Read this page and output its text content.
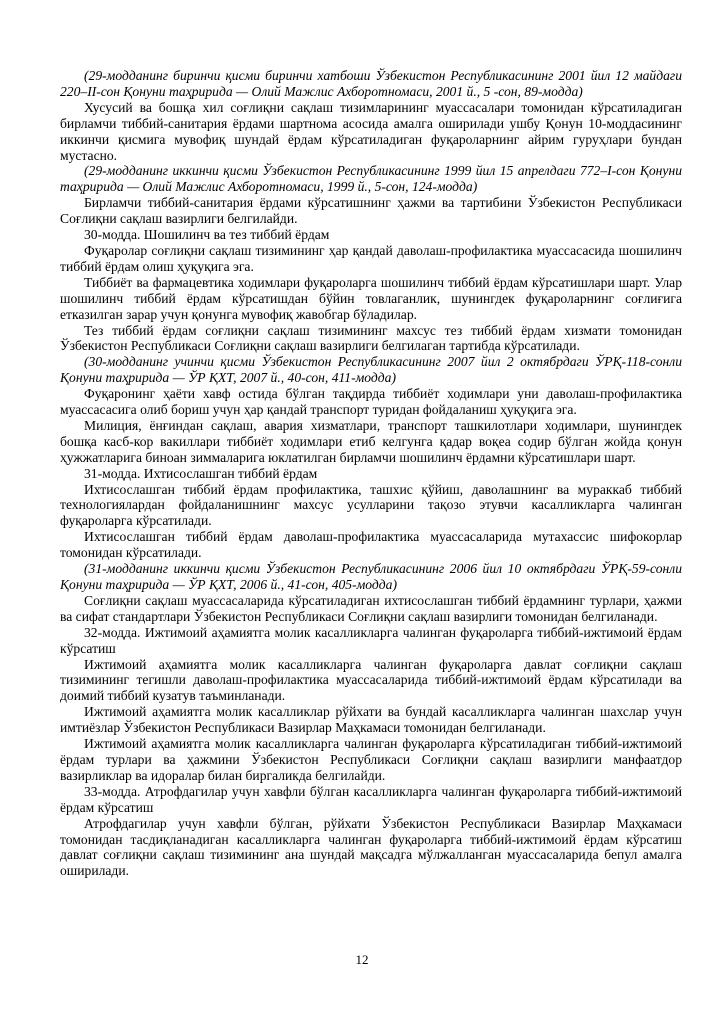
(29-модданинг биринчи қисми биринчи хатбоши Ўзбекистон Республикасининг 2001 йил 12 майдаги 220–II-сон Қонуни таҳририда — Олий Мажлис Ахборотномаси, 2001 й., 5 -сон, 89-модда)

Хусусий ва бошқа хил соғлиқни сақлаш тизимларининг муассасалари томонидан кўрсатиладиган бирламчи тиббий-санитария ёрдами шартнома асосида амалга оширилади ушбу Қонун 10-моддасининг иккинчи қисмига мувофиқ шундай ёрдам кўрсатиладиган фуқароларнинг айрим гуруҳлари бундан мустасно.

(29-модданинг иккинчи қисми Ўзбекистон Республикасининг 1999 йил 15 апрелдаги 772–I-сон Қонуни таҳририда — Олий Мажлис Ахборотномаси, 1999 й., 5-сон, 124-модда)

Бирламчи тиббий-санитария ёрдами кўрсатишнинг ҳажми ва тартибини Ўзбекистон Республикаси Соғлиқни сақлаш вазирлиги белгилайди.

30-модда. Шошилинч ва тез тиббий ёрдам

Фуқаролар соғлиқни сақлаш тизимининг ҳар қандай даволаш-профилактика муассасасида шошилинч тиббий ёрдам олиш ҳуқуқига эга.

Тиббиёт ва фармацевтика ходимлари фуқароларга шошилинч тиббий ёрдам кўрсатишлари шарт. Улар шошилинч тиббий ёрдам кўрсатишдан бўйин товлаганлик, шунингдек фуқароларнинг соғлиғига етказилган зарар учун қонунга мувофиқ жавобгар бўладилар.

Тез тиббий ёрдам соғлиқни сақлаш тизимининг махсус тез тиббий ёрдам хизмати томонидан Ўзбекистон Республикаси Соғлиқни сақлаш вазирлиги белгилаган тартибда кўрсатилади.

(30-модданинг учинчи қисми Ўзбекистон Республикасининг 2007 йил 2 октябрдаги ЎРҚ-118-сонли Қонуни таҳририда — ЎР ҚХТ, 2007 й., 40-сон, 411-модда)

Фуқаронинг ҳаёти хавф остида бўлган тақдирда тиббиёт ходимлари уни даволаш-профилактика муассасасига олиб бориш учун ҳар қандай транспорт туридан фойдаланиш ҳуқуқига эга.

Милиция, ёнғиндан сақлаш, авария хизматлари, транспорт ташкилотлари ходимлари, шунингдек бошқа касб-кор вакиллари тиббиёт ходимлари етиб келгунга қадар воқеа содир бўлган жойда қонун ҳужжатларига биноан зиммаларига юклатилган бирламчи шошилинч ёрдамни кўрсатишлари шарт.

31-модда. Ихтисослашган тиббий ёрдам

Ихтисослашган тиббий ёрдам профилактика, ташхис қўйиш, даволашнинг ва мураккаб тиббий технологиялардан фойдаланишнинг махсус усулларини тақозо этувчи касалликларга чалинган фуқароларга кўрсатилади.

Ихтисослашган тиббий ёрдам даволаш-профилактика муассасаларида мутахассис шифокорлар томонидан кўрсатилади.

(31-модданинг иккинчи қисми Ўзбекистон Республикасининг 2006 йил 10 октябрдаги ЎРҚ-59-сонли Қонуни таҳририда — ЎР ҚХТ, 2006 й., 41-сон, 405-модда)

Соғлиқни сақлаш муассасаларида кўрсатиладиган ихтисослашган тиббий ёрдамнинг турлари, ҳажми ва сифат стандартлари Ўзбекистон Республикаси Соғлиқни сақлаш вазирлиги томонидан белгиланади.

32-модда. Ижтимоий аҳамиятга молик касалликларга чалинган фуқароларга тиббий-ижтимоий ёрдам кўрсатиш

Ижтимоий аҳамиятга молик касалликларга чалинган фуқароларга давлат соғлиқни сақлаш тизимининг тегишли даволаш-профилактика муассасаларида тиббий-ижтимоий ёрдам кўрсатилади ва доимий тиббий кузатув таъминланади.

Ижтимоий аҳамиятга молик касалликлар рўйхати ва бундай касалликларга чалинган шахслар учун имтиёзлар Ўзбекистон Республикаси Вазирлар Маҳкамаси томонидан белгиланади.

Ижтимоий аҳамиятга молик касалликларга чалинган фуқароларга кўрсатиладиган тиббий-ижтимоий ёрдам турлари ва ҳажмини Ўзбекистон Республикаси Соғлиқни сақлаш вазирлиги манфаатдор вазирликлар ва идоралар билан биргаликда белгилайди.

33-модда. Атрофдагилар учун хавфли бўлган касалликларга чалинган фуқароларга тиббий-ижтимоий ёрдам кўрсатиш

Атрофдагилар учун хавфли бўлган, рўйхати Ўзбекистон Республикаси Вазирлар Маҳкамаси томонидан тасдиқланадиган касалликларга чалинган фуқароларга тиббий-ижтимоий ёрдам кўрсатиш давлат соғлиқни сақлаш тизимининг ана шундай мақсадга мўлжалланган муассасаларида бепул амалга оширилади.

12
